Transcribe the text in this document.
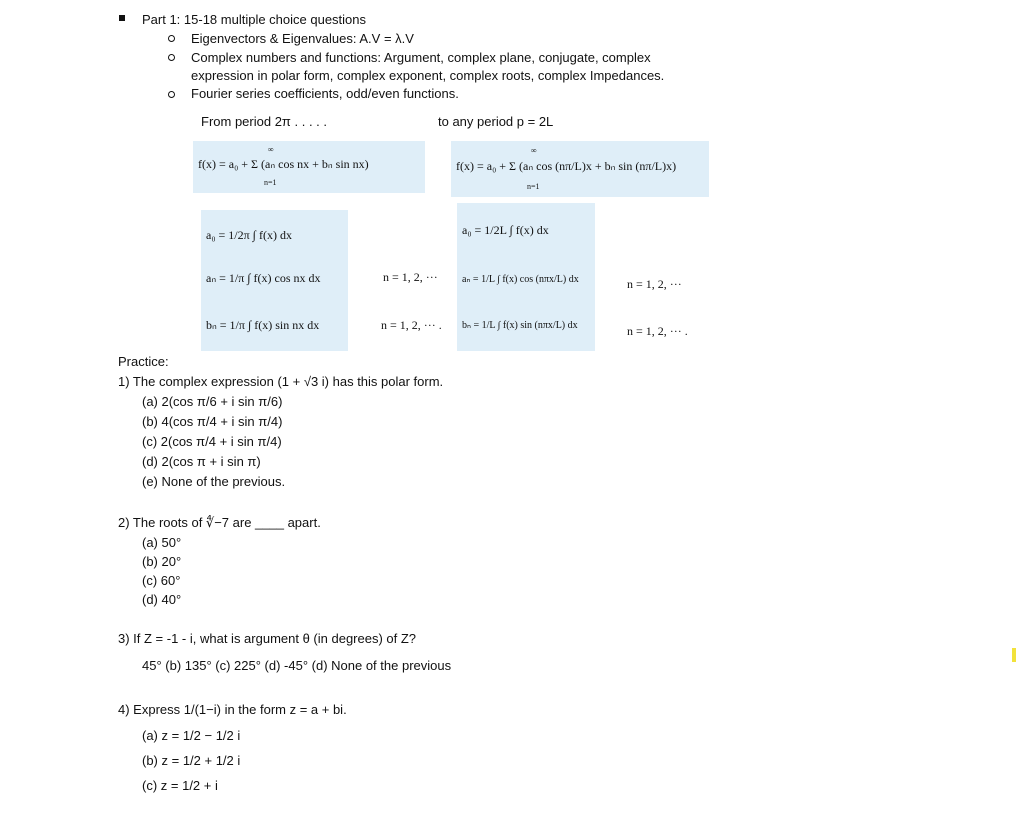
Part 1: 15-18 multiple choice questions
Eigenvectors & Eigenvalues: A.V = λ.V
Complex numbers and functions: Argument, complex plane, conjugate, complex
expression in polar form, complex exponent, complex roots, complex Impedances.
Fourier series coefficients, odd/even functions.
From period 2π . . . . .	to any period p = 2L
f(x) = a₀ + Σ (aₙ cos nx + bₙ sin nx)
∞
n=1
f(x) = a₀ + Σ (aₙ cos (nπ/L)x + bₙ sin (nπ/L)x)
∞
n=1
a₀ = 1/2π ∫ f(x) dx
aₙ = 1/π ∫ f(x) cos nx dx
bₙ = 1/π ∫ f(x) sin nx dx
n = 1, 2, ···
n = 1, 2, ··· .
a₀ = 1/2L ∫ f(x) dx
aₙ = 1/L ∫ f(x) cos (nπx/L) dx
bₙ = 1/L ∫ f(x) sin (nπx/L) dx
n = 1, 2, ···
n = 1, 2, ··· .
Practice:
1) The complex expression (1 + √3 i) has this polar form.
(a) 2(cos π/6 + i sin π/6)
(b) 4(cos π/4 + i sin π/4)
(c) 2(cos π/4 + i sin π/4)
(d) 2(cos π + i sin π)
(e) None of the previous.
2) The roots of ∜−7 are ____ apart.
(a) 50°
(b) 20°
(c) 60°
(d) 40°
3) If Z = -1 - i, what is argument θ (in degrees) of Z?
45° (b) 135° (c) 225° (d) -45° (d) None of the previous
4) Express 1/(1−i) in the form z = a + bi.
(a) z = 1/2 − 1/2 i
(b) z = 1/2 + 1/2 i
(c) z = 1/2 + i
